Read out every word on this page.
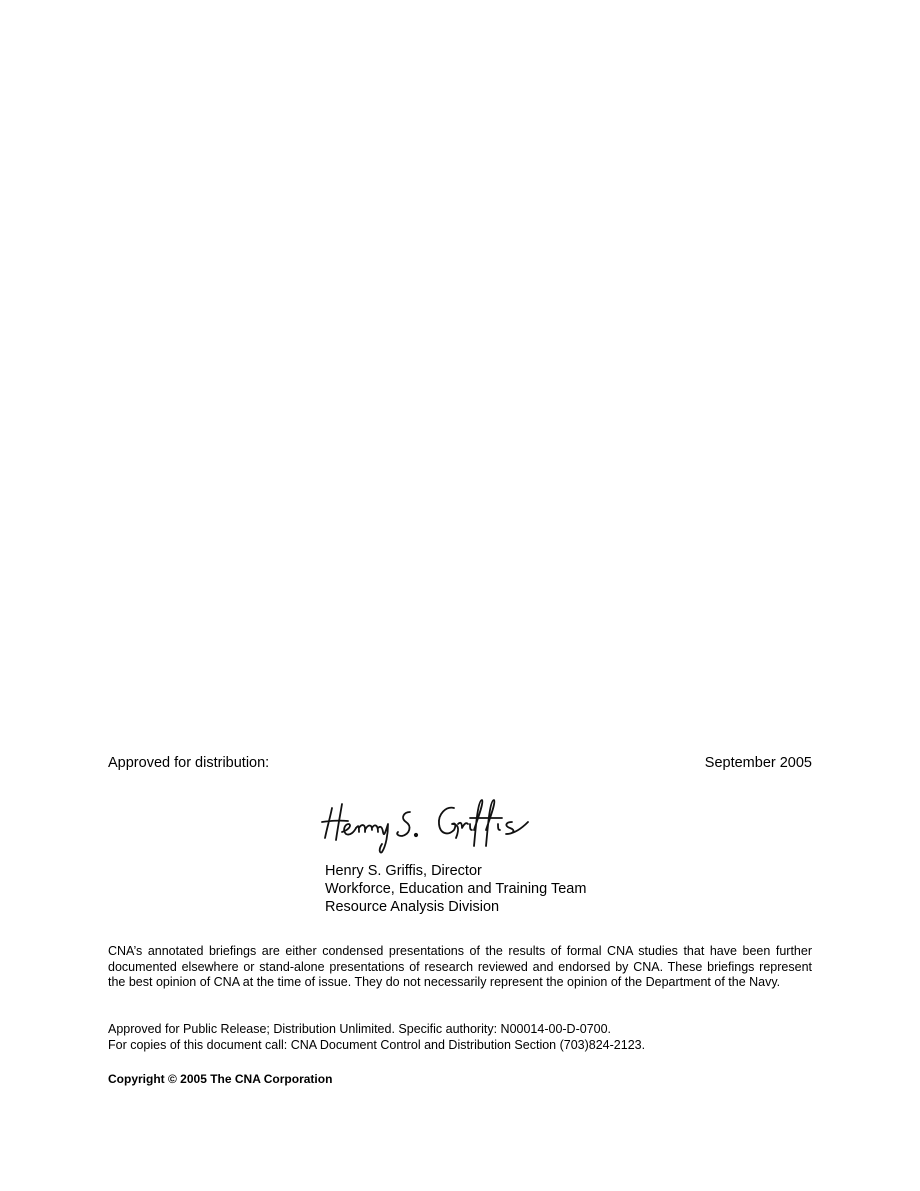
Approved for distribution:	September 2005
Henry S. Griffis, Director
Workforce, Education and Training Team
Resource Analysis Division

CNA’s annotated briefings are either condensed presentations of the results of formal CNA studies that have been further documented elsewhere or stand-alone presentations of research reviewed and endorsed by CNA. These briefings represent the best opinion of CNA at the time of issue. They do not necessarily represent the opinion of the Department of the Navy.

Approved for Public Release; Distribution Unlimited. Specific authority: N00014-00-D-0700.
For copies of this document call: CNA Document Control and Distribution Section (703)824-2123.
Copyright © 2005 The CNA Corporation
